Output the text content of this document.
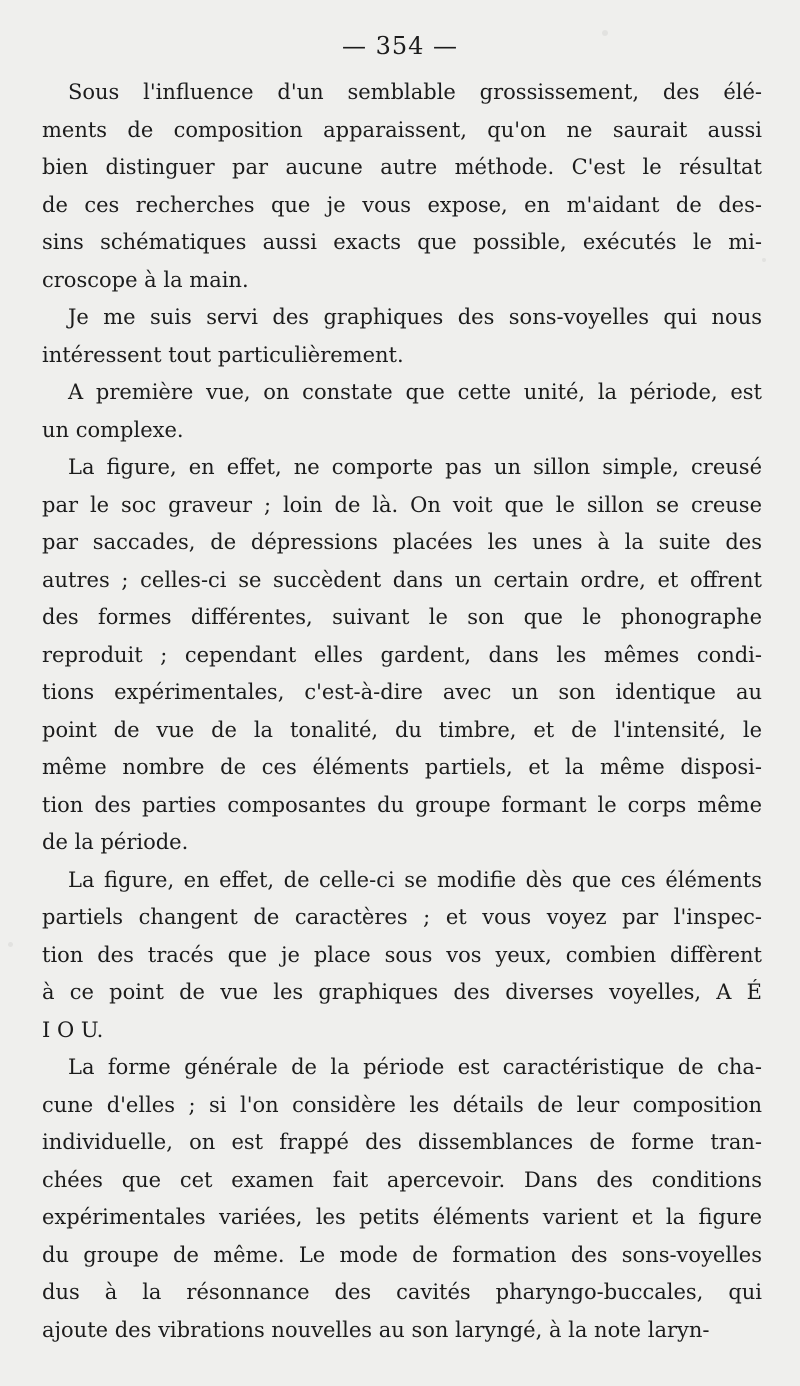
— 354 —
Sous l'influence d'un semblable grossissement, des élé-
ments de composition apparaissent, qu'on ne saurait aussi
bien distinguer par aucune autre méthode. C'est le résultat
de ces recherches que je vous expose, en m'aidant de des-
sins schématiques aussi exacts que possible, exécutés le mi-
croscope à la main.
Je me suis servi des graphiques des sons-voyelles qui nous
intéressent tout particulièrement.
A première vue, on constate que cette unité, la période, est
un complexe.
La figure, en effet, ne comporte pas un sillon simple, creusé
par le soc graveur ; loin de là. On voit que le sillon se creuse
par saccades, de dépressions placées les unes à la suite des
autres ; celles-ci se succèdent dans un certain ordre, et offrent
des formes différentes, suivant le son que le phonographe
reproduit ; cependant elles gardent, dans les mêmes condi-
tions expérimentales, c'est-à-dire avec un son identique au
point de vue de la tonalité, du timbre, et de l'intensité, le
même nombre de ces éléments partiels, et la même disposi-
tion des parties composantes du groupe formant le corps même
de la période.
La figure, en effet, de celle-ci se modifie dès que ces éléments
partiels changent de caractères ; et vous voyez par l'inspec-
tion des tracés que je place sous vos yeux, combien diffèrent
à ce point de vue les graphiques des diverses voyelles, A É
I O U.
La forme générale de la période est caractéristique de cha-
cune d'elles ; si l'on considère les détails de leur composition
individuelle, on est frappé des dissemblances de forme tran-
chées que cet examen fait apercevoir. Dans des conditions
expérimentales variées, les petits éléments varient et la figure
du groupe de même. Le mode de formation des sons-voyelles
dus à la résonnance des cavités pharyngo-buccales, qui
ajoute des vibrations nouvelles au son laryngé, à la note laryn-
